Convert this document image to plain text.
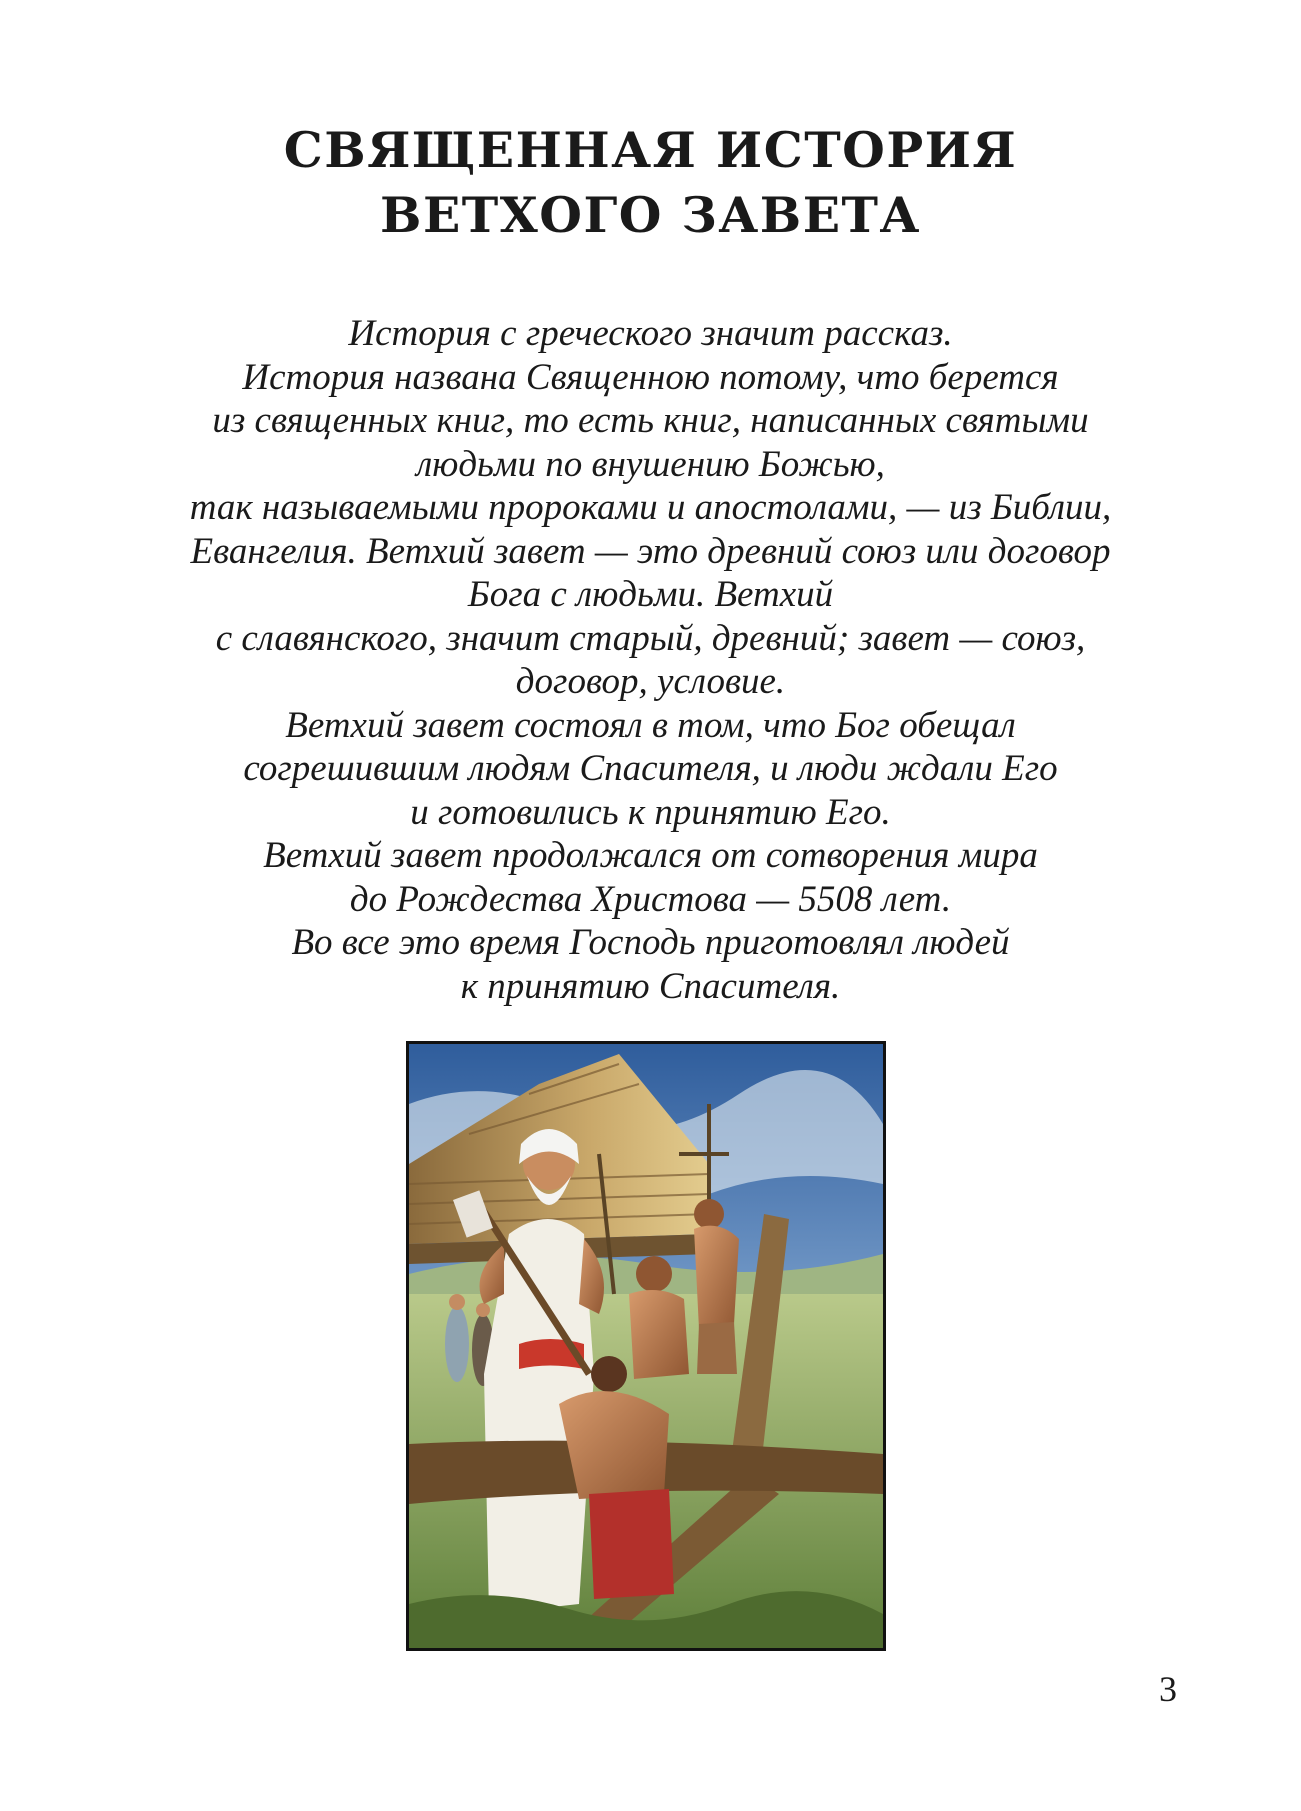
СВЯЩЕННАЯ ИСТОРИЯ
ВЕТХОГО ЗАВЕТА
История с греческого значит рассказ.
История названа Священною потому, что берется
из священных книг, то есть книг, написанных святыми
людьми по внушению Божью,
так называемыми пророками и апостолами, — из Библии,
Евангелия. Ветхий завет — это древний союз или договор
Бога с людьми. Ветхий
с славянского, значит старый, древний; завет — союз,
договор, условие.
Ветхий завет состоял в том, что Бог обещал
согрешившим людям Спасителя, и люди ждали Его
и готовились к принятию Его.
Ветхий завет продолжался от сотворения мира
до Рождества Христова — 5508 лет.
Во все это время Господь приготовлял людей
к принятию Спасителя.
3
